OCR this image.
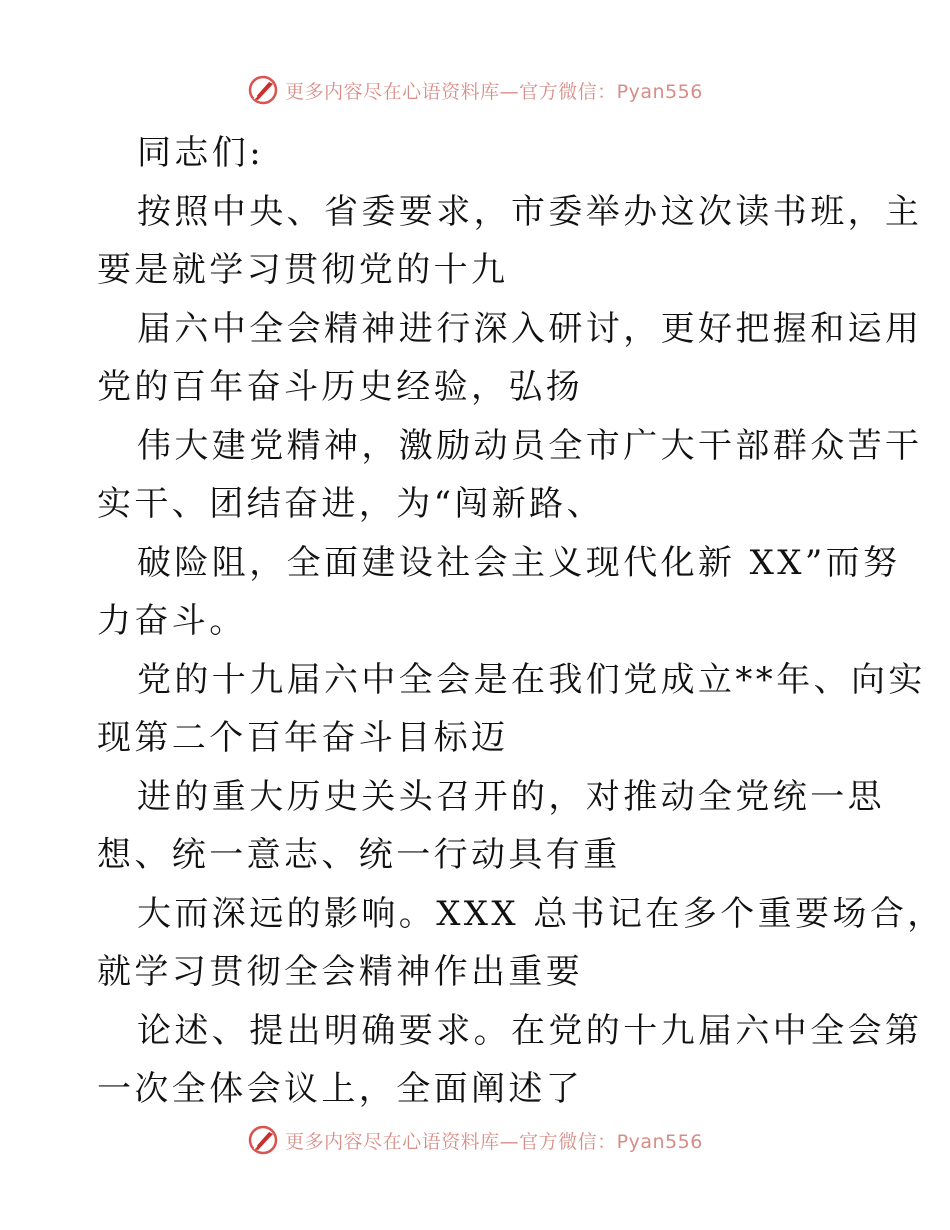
更多内容尽在心语资料库—官方微信：Pyan556
同志们:
按照中央、省委要求，市委举办这次读书班，主
要是就学习贯彻党的十九
届六中全会精神进行深入研讨，更好把握和运用
党的百年奋斗历史经验，弘扬
伟大建党精神，激励动员全市广大干部群众苦干
实干、团结奋进，为“闯新路、
破险阻，全面建设社会主义现代化新 XX”而努
力奋斗。
党的十九届六中全会是在我们党成立**年、向实
现第二个百年奋斗目标迈
进的重大历史关头召开的，对推动全党统一思
想、统一意志、统一行动具有重
大而深远的影响。XXX 总书记在多个重要场合，
就学习贯彻全会精神作出重要
论述、提出明确要求。在党的十九届六中全会第
一次全体会议上，全面阐述了
更多内容尽在心语资料库—官方微信：Pyan556
